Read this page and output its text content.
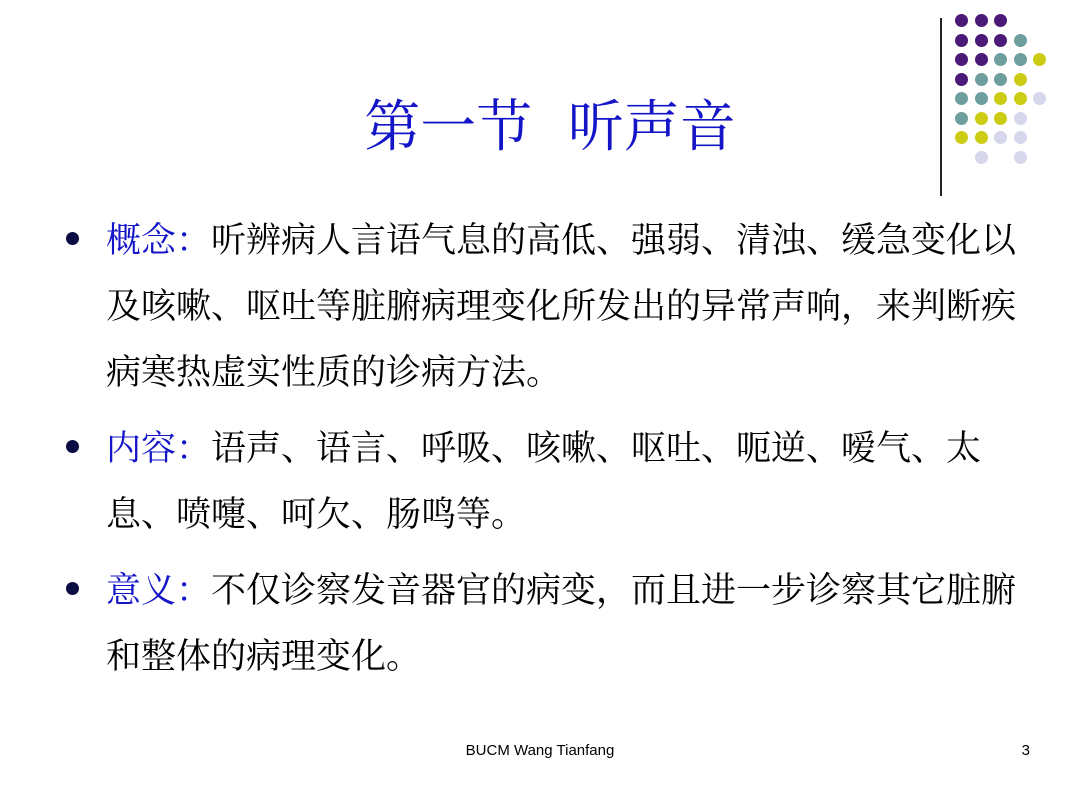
第一节  听声音
概念：听辨病人言语气息的高低、强弱、清浊、缓急变化以及咳嗽、呕吐等脏腑病理变化所发出的异常声响，来判断疾病寒热虚实性质的诊病方法。
内容：语声、语言、呼吸、咳嗽、呕吐、呃逆、嗳气、太息、喷嚏、呵欠、肠鸣等。
意义：不仅诊察发音器官的病变，而且进一步诊察其它脏腑和整体的病理变化。
BUCM Wang Tianfang	3
